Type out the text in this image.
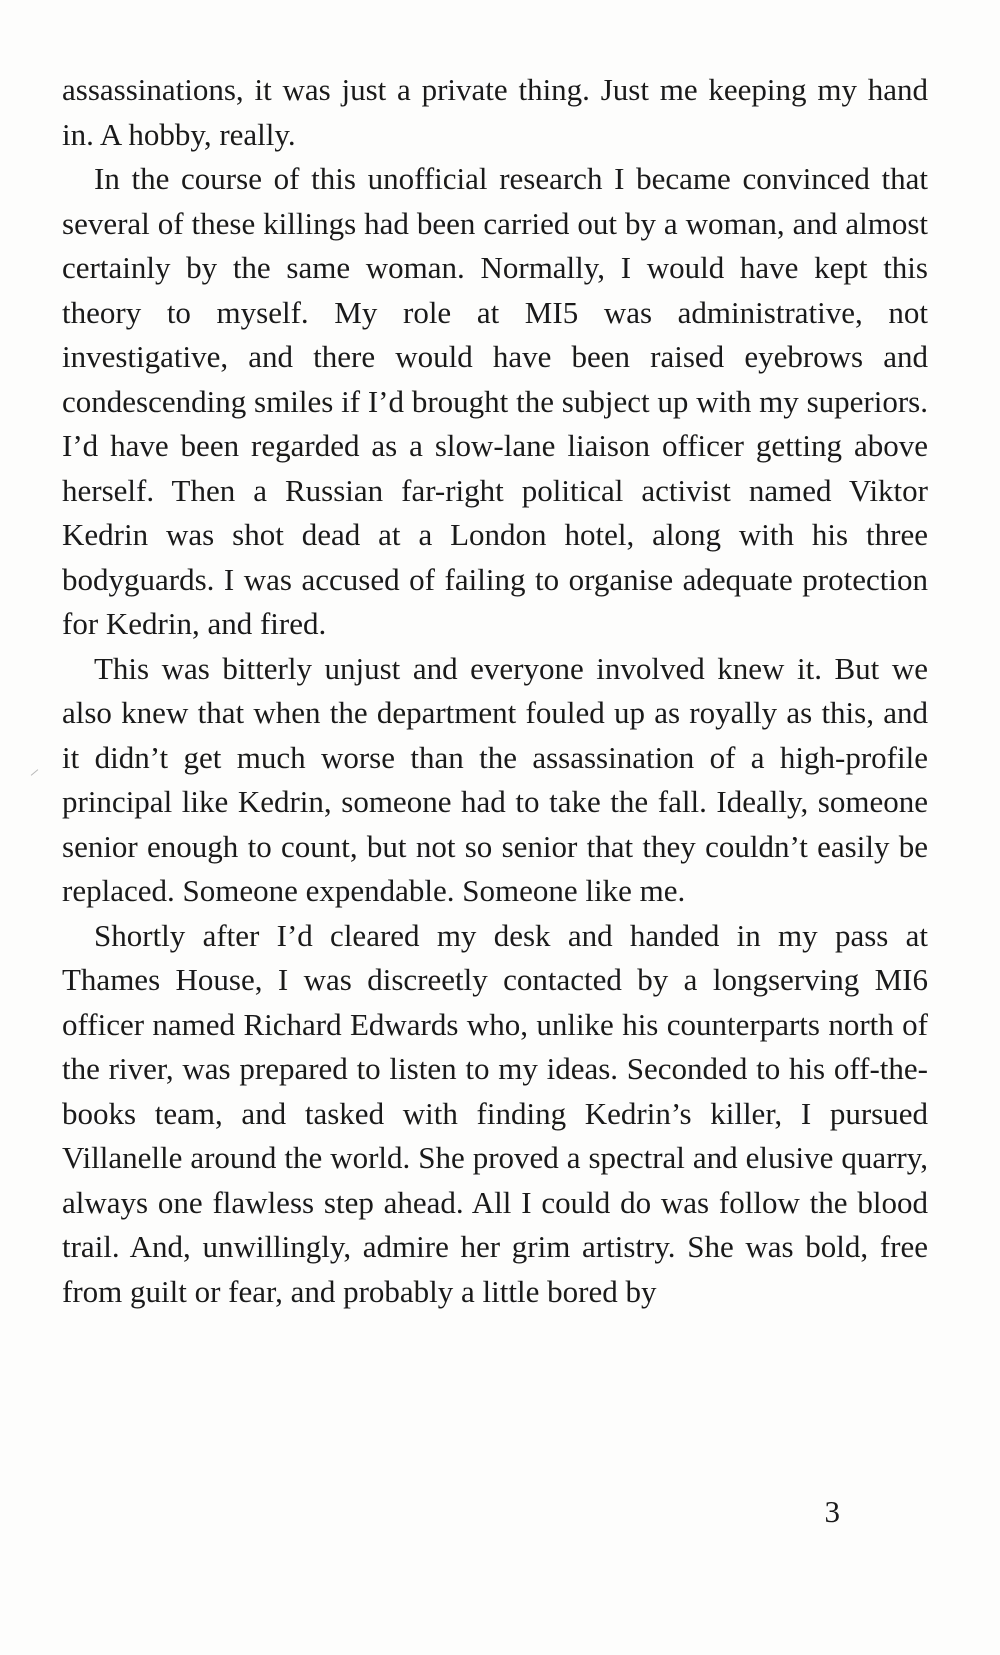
assassinations, it was just a private thing. Just me keeping my hand in. A hobby, really.

In the course of this unofficial research I became convinced that several of these killings had been carried out by a woman, and almost certainly by the same woman. Normally, I would have kept this theory to myself. My role at MI5 was administrative, not investigative, and there would have been raised eyebrows and condescending smiles if I’d brought the subject up with my superiors. I’d have been regarded as a slow-lane liaison officer getting above herself. Then a Russian far-right political activist named Viktor Kedrin was shot dead at a London hotel, along with his three bodyguards. I was accused of failing to organise adequate protection for Kedrin, and fired.

This was bitterly unjust and everyone involved knew it. But we also knew that when the department fouled up as royally as this, and it didn’t get much worse than the assassination of a high-profile principal like Kedrin, someone had to take the fall. Ideally, someone senior enough to count, but not so senior that they couldn’t easily be replaced. Someone expendable. Someone like me.

Shortly after I’d cleared my desk and handed in my pass at Thames House, I was discreetly contacted by a longserving MI6 officer named Richard Edwards who, unlike his counterparts north of the river, was prepared to listen to my ideas. Seconded to his off-the-books team, and tasked with finding Kedrin’s killer, I pursued Villanelle around the world. She proved a spectral and elusive quarry, always one flawless step ahead. All I could do was follow the blood trail. And, unwillingly, admire her grim artistry. She was bold, free from guilt or fear, and probably a little bored by

3
